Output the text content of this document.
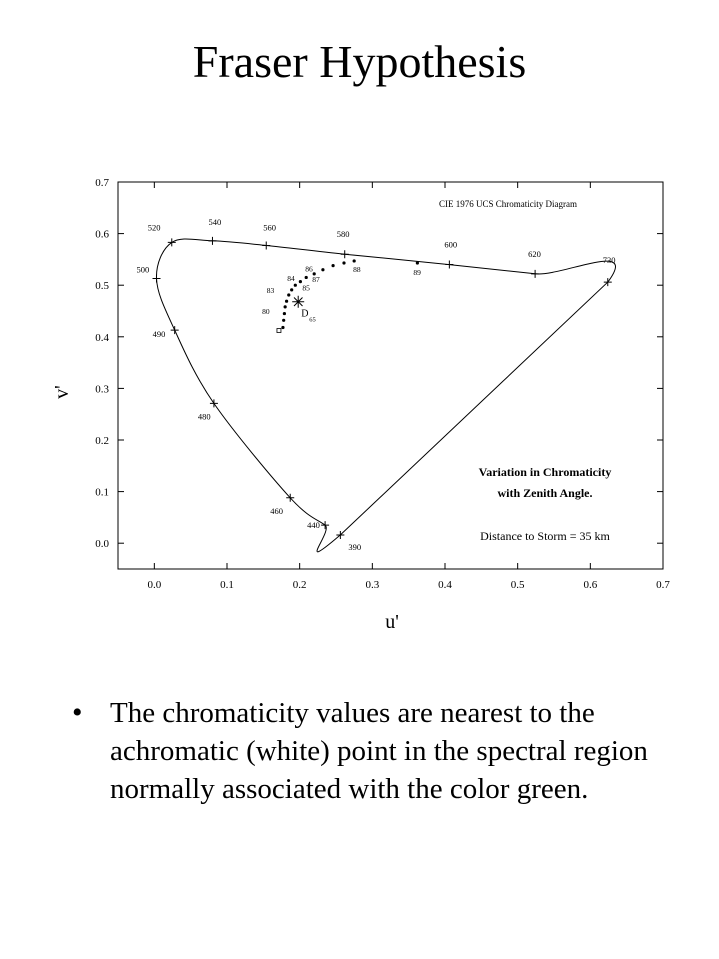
Fraser Hypothesis
0.0	0.1	0.2	0.3	0.4	0.5	0.6	0.7
0.0
0.1
0.2
0.3
0.4
0.5
0.6
0.7
390
440
460
480
490
500
520
540
560
580
600
620
730
80
83
84
85
86
87
88	89
D
65
CIE 1976 UCS Chromaticity Diagram
u'
v'
Variation in Chromaticity
with Zenith Angle.
Distance to Storm = 35 km
• The chromaticity values are nearest to the achromatic (white) point in the spectral region normally associated with the color green.
